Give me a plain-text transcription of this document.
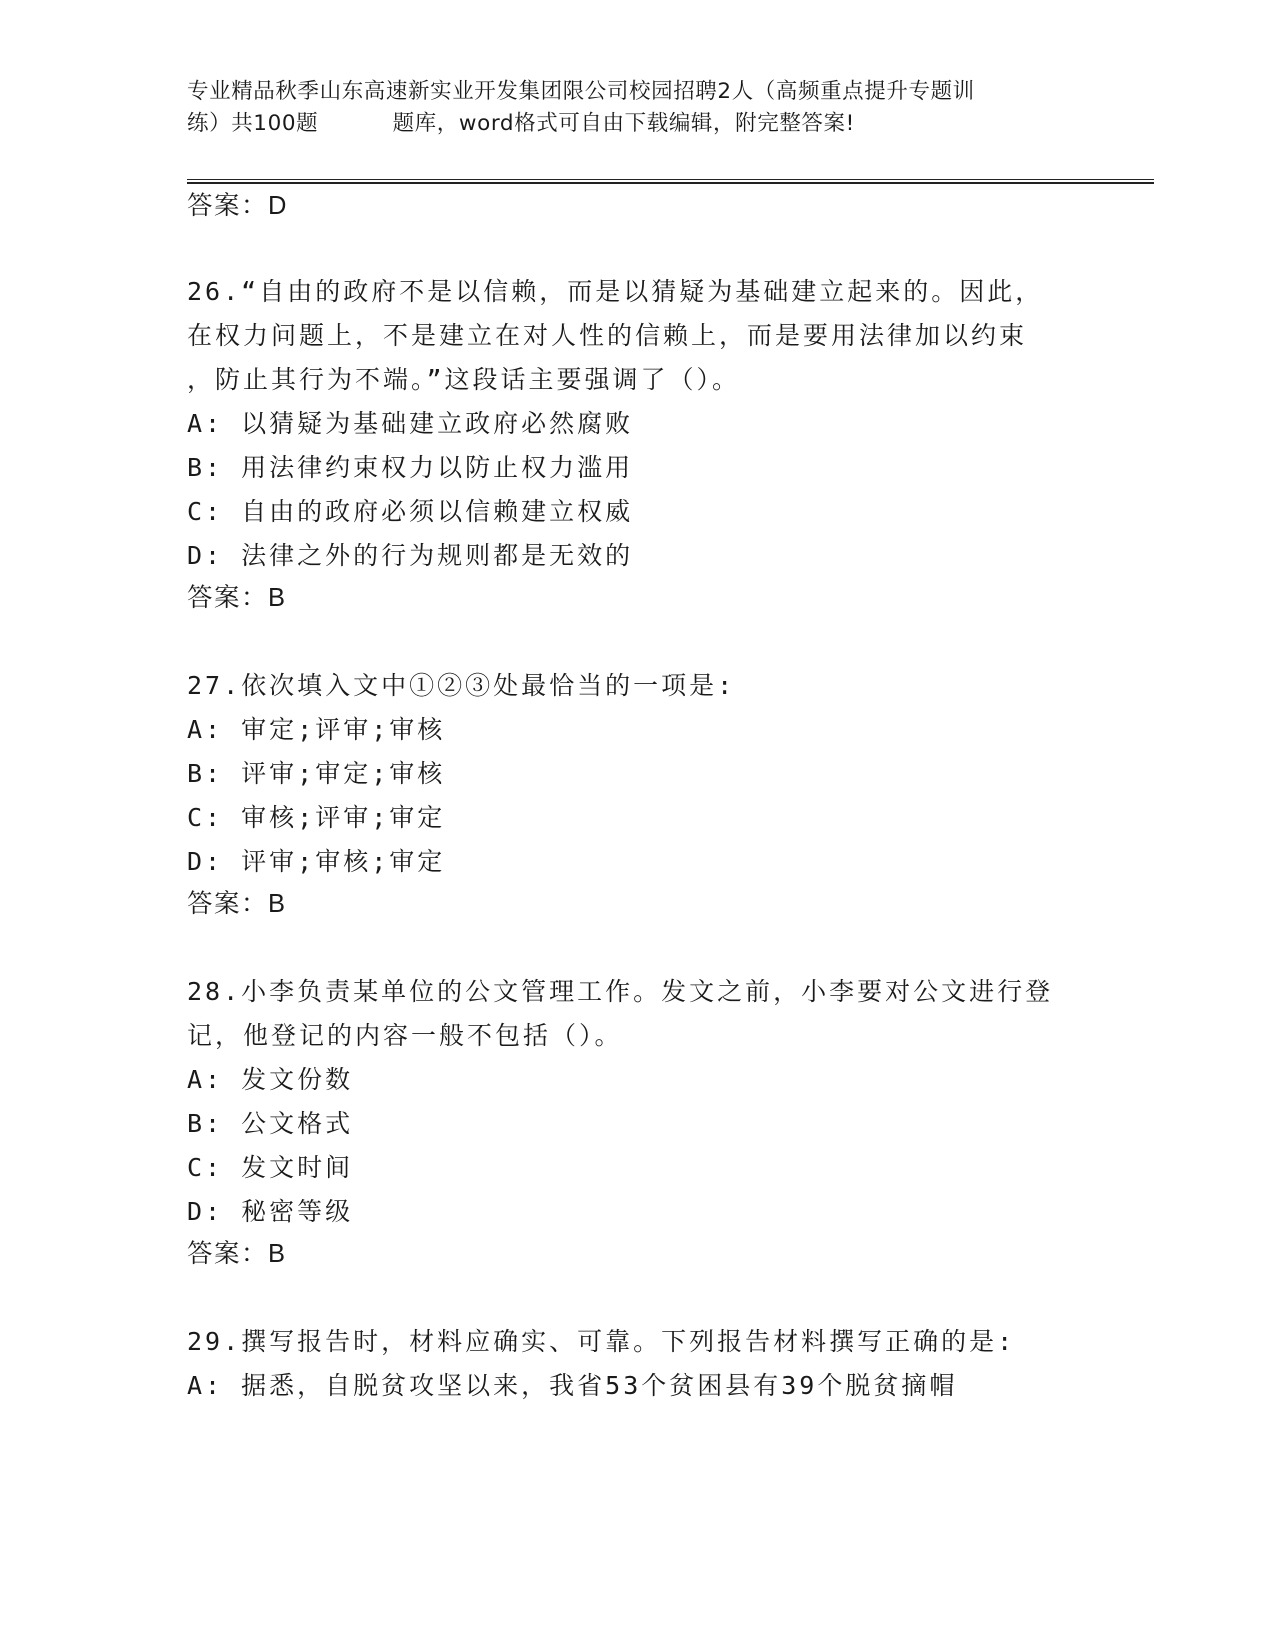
专业精品秋季山东高速新实业开发集团限公司校园招聘2人（高频重点提升专题训
练）共100题          题库，word格式可自由下载编辑，附完整答案!
答案：D
26.“自由的政府不是以信赖，而是以猜疑为基础建立起来的。因此，
在权力问题上，不是建立在对人性的信赖上，而是要用法律加以约束
，防止其行为不端。”这段话主要强调了（）。
A: 以猜疑为基础建立政府必然腐败
B: 用法律约束权力以防止权力滥用
C: 自由的政府必须以信赖建立权威
D: 法律之外的行为规则都是无效的
答案：B
27.依次填入文中①②③处最恰当的一项是:
A: 审定;评审;审核
B: 评审;审定;审核
C: 审核;评审;审定
D: 评审;审核;审定
答案：B
28.小李负责某单位的公文管理工作。发文之前，小李要对公文进行登
记，他登记的内容一般不包括（）。
A: 发文份数
B: 公文格式
C: 发文时间
D: 秘密等级
答案：B
29.撰写报告时，材料应确实、可靠。下列报告材料撰写正确的是:
A: 据悉，自脱贫攻坚以来，我省53个贫困县有39个脱贫摘帽
